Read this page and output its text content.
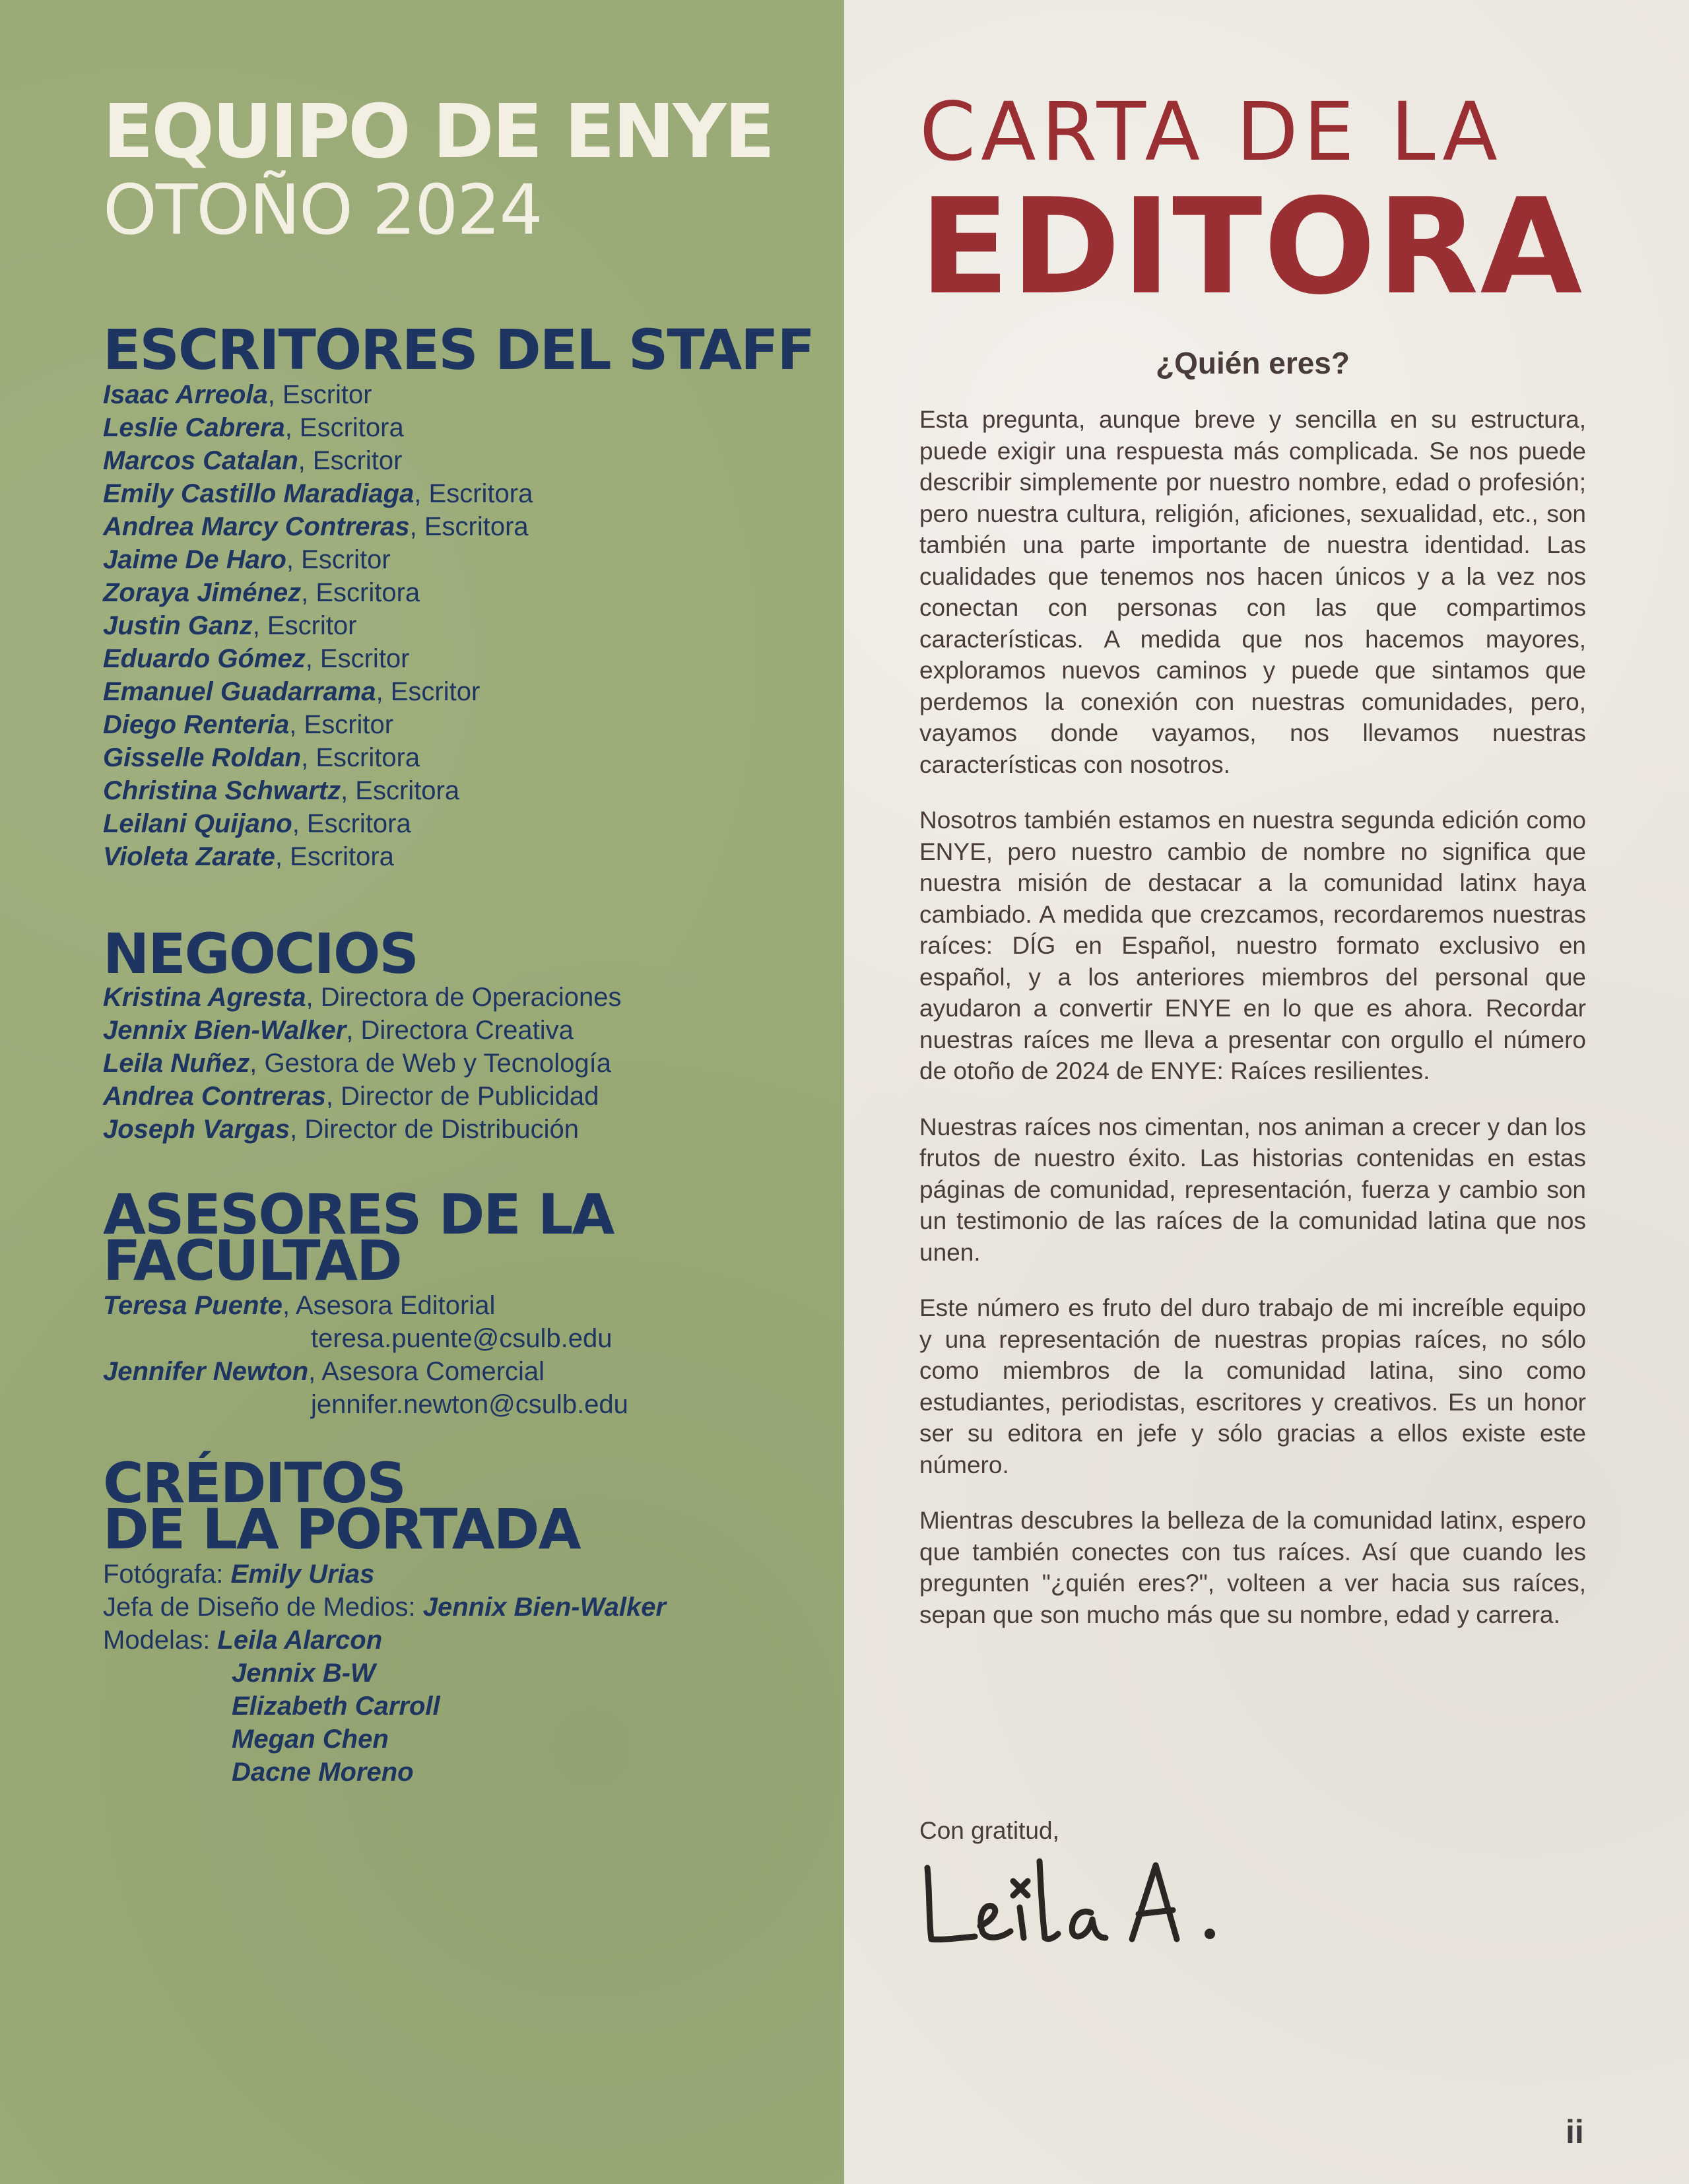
EQUIPO DE ENYE
OTOÑO 2024
ESCRITORES DEL STAFF
Isaac Arreola, Escritor
Leslie Cabrera, Escritora
Marcos Catalan, Escritor
Emily Castillo Maradiaga, Escritora
Andrea Marcy Contreras, Escritora
Jaime De Haro, Escritor
Zoraya Jiménez, Escritora
Justin Ganz, Escritor
Eduardo Gómez, Escritor
Emanuel Guadarrama, Escritor
Diego Renteria, Escritor
Gisselle Roldan, Escritora
Christina Schwartz, Escritora
Leilani Quijano, Escritora
Violeta Zarate, Escritora
NEGOCIOS
Kristina Agresta, Directora de Operaciones
Jennix Bien-Walker, Directora Creativa
Leila Nuñez, Gestora de Web y Tecnología
Andrea Contreras, Director de Publicidad
Joseph Vargas, Director de Distribución
ASESORES DE LA
FACULTAD
Teresa Puente, Asesora Editorial
teresa.puente@csulb.edu
Jennifer Newton, Asesora Comercial
jennifer.newton@csulb.edu
CRÉDITOS
DE LA PORTADA
Fotógrafa: Emily Urias
Jefa de Diseño de Medios: Jennix Bien-Walker
Modelas: Leila Alarcon
Jennix B-W
Elizabeth Carroll
Megan Chen
Dacne Moreno
CARTA DE LA
EDITORA
¿Quién eres?

Esta pregunta, aunque breve y sencilla en su estructura, puede exigir una respuesta más complicada. Se nos puede describir simplemente por nuestro nombre, edad o profesión; pero nuestra cultura, religión, aficiones, sexualidad, etc., son también una parte importante de nuestra identidad. Las cualidades que tenemos nos hacen únicos y a la vez nos conectan con personas con las que compartimos características. A medida que nos hacemos mayores, exploramos nuevos caminos y puede que sintamos que perdemos la conexión con nuestras comunidades, pero, vayamos donde vayamos, nos llevamos nuestras características con nosotros.

Nosotros también estamos en nuestra segunda edición como ENYE, pero nuestro cambio de nombre no significa que nuestra misión de destacar a la comunidad latinx haya cambiado. A medida que crezcamos, recordaremos nuestras raíces: DÍG en Español, nuestro formato exclusivo en español, y a los anteriores miembros del personal que ayudaron a convertir ENYE en lo que es ahora. Recordar nuestras raíces me lleva a presentar con orgullo el número de otoño de 2024 de ENYE: Raíces resilientes.

Nuestras raíces nos cimentan, nos animan a crecer y dan los frutos de nuestro éxito. Las historias contenidas en estas páginas de comunidad, representación, fuerza y cambio son un testimonio de las raíces de la comunidad latina que nos unen.

Este número es fruto del duro trabajo de mi increíble equipo y una representación de nuestras propias raíces, no sólo como miembros de la comunidad latina, sino como estudiantes, periodistas, escritores y creativos. Es un honor ser su editora en jefe y sólo gracias a ellos existe este número.

Mientras descubres la belleza de la comunidad latinx, espero que también conectes con tus raíces. Así que cuando les pregunten "¿quién eres?", volteen a ver hacia sus raíces, sepan que son mucho más que su nombre, edad y carrera.

Con gratitud,
ii
